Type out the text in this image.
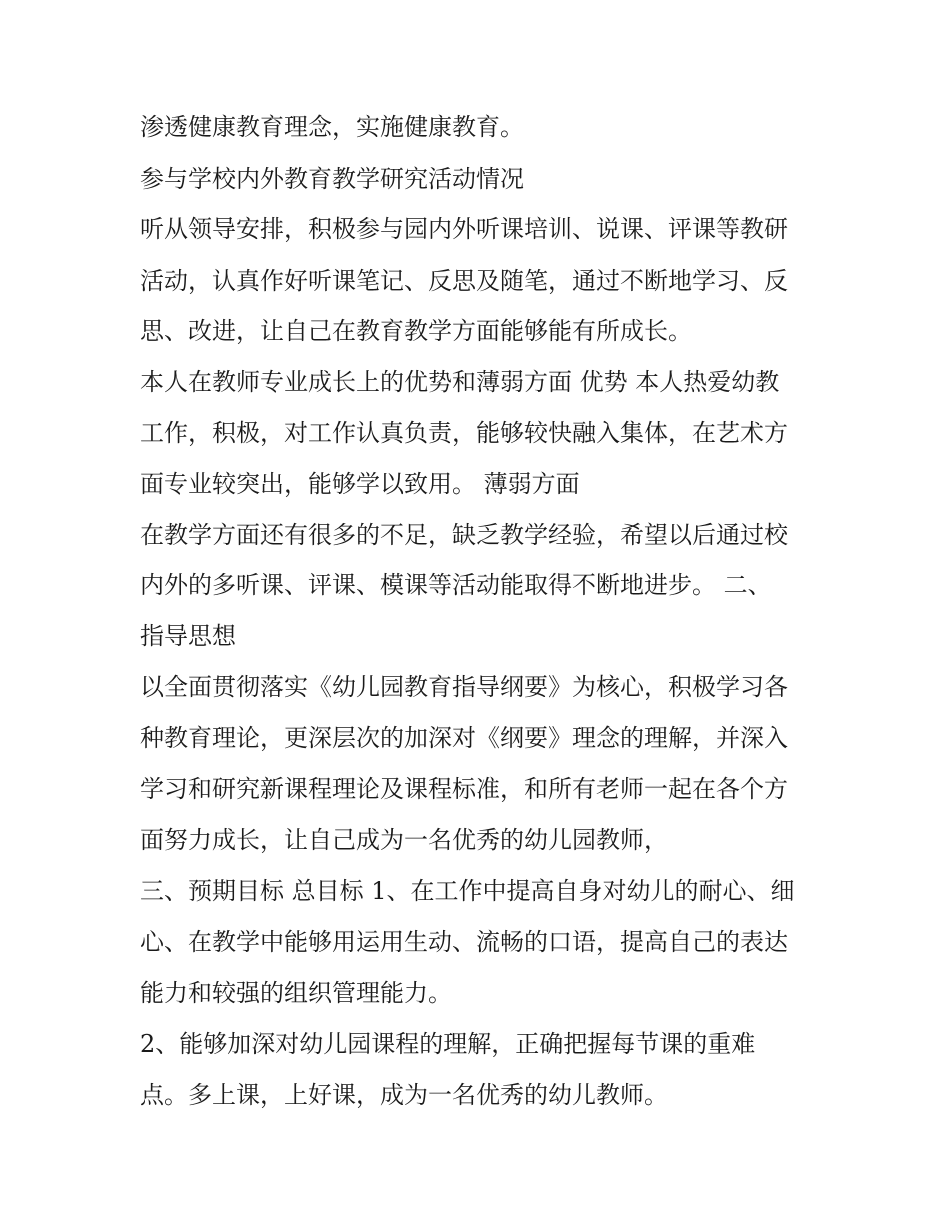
渗透健康教育理念，实施健康教育。
参与学校内外教育教学研究活动情况
听从领导安排，积极参与园内外听课培训、说课、评课等教研
活动，认真作好听课笔记、反思及随笔，通过不断地学习、反
思、改进，让自己在教育教学方面能够能有所成长。
本人在教师专业成长上的优势和薄弱方面 优势 本人热爱幼教
工作，积极，对工作认真负责，能够较快融入集体，在艺术方
面专业较突出，能够学以致用。 薄弱方面
在教学方面还有很多的不足，缺乏教学经验，希望以后通过校
内外的多听课、评课、模课等活动能取得不断地进步。 二、
指导思想
以全面贯彻落实《幼儿园教育指导纲要》为核心，积极学习各
种教育理论，更深层次的加深对《纲要》理念的理解，并深入
学习和研究新课程理论及课程标准，和所有老师一起在各个方
面努力成长，让自己成为一名优秀的幼儿园教师，
三、预期目标 总目标 1、在工作中提高自身对幼儿的耐心、细
心、在教学中能够用运用生动、流畅的口语，提高自己的表达
能力和较强的组织管理能力。
2、能够加深对幼儿园课程的理解，正确把握每节课的重难
点。多上课，上好课，成为一名优秀的幼儿教师。
